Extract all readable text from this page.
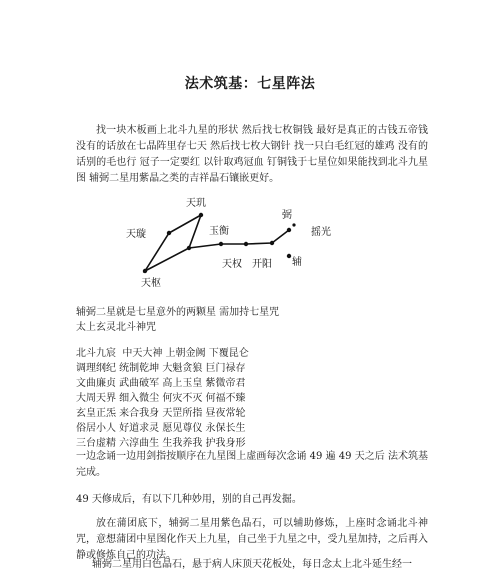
法术筑基：七星阵法

找一块木板画上北斗九星的形状 然后找七枚铜钱 最好是真正的古钱五帝钱 没有的话放在七晶阵里存七天 然后找七枚大钢针 找一只白毛红冠的雄鸡 没有的话别的毛也行 冠子一定要红 以针取鸡冠血 钉铜钱于七星位如果能找到北斗九星图 辅弼二星用紫晶之类的吉祥晶石镶嵌更好。

天玑
天璇
天枢
玉衡
天权 开阳
摇光
弼
辅

辅弼二星就是七星意外的两颗星 需加持七星咒

太上玄灵北斗神咒

北斗九宸  中天大神 上朝金阙 下覆昆仑

调理纲纪 统制乾坤 大魁贪狼 巨门禄存

文曲廉贞 武曲破军 高上玉皇 紫微帝君

大周天界 细入微尘 何灾不灭 何福不臻

玄皇正炁 来合我身 天罡所指 昼夜常轮

俗居小人 好道求灵 愿见尊仪 永保长生

三台虚精 六淳曲生 生我养我 护我身形

一边念诵一边用剑指按顺序在九星图上虚画每次念诵 49 遍 49 天之后 法术筑基完成。

49 天修成后，有以下几种妙用，别的自己再发掘。

放在蒲团底下，辅弼二星用紫色晶石，可以辅助修炼，上座时念诵北斗神咒，意想蒲团中星图化作天上九星，自己坐于九星之中，受九星加持，之后再入静或修炼自己的功法。

辅弼二星用白色晶石，悬于病人床顶天花板处，每日念太上北斗延生经一
